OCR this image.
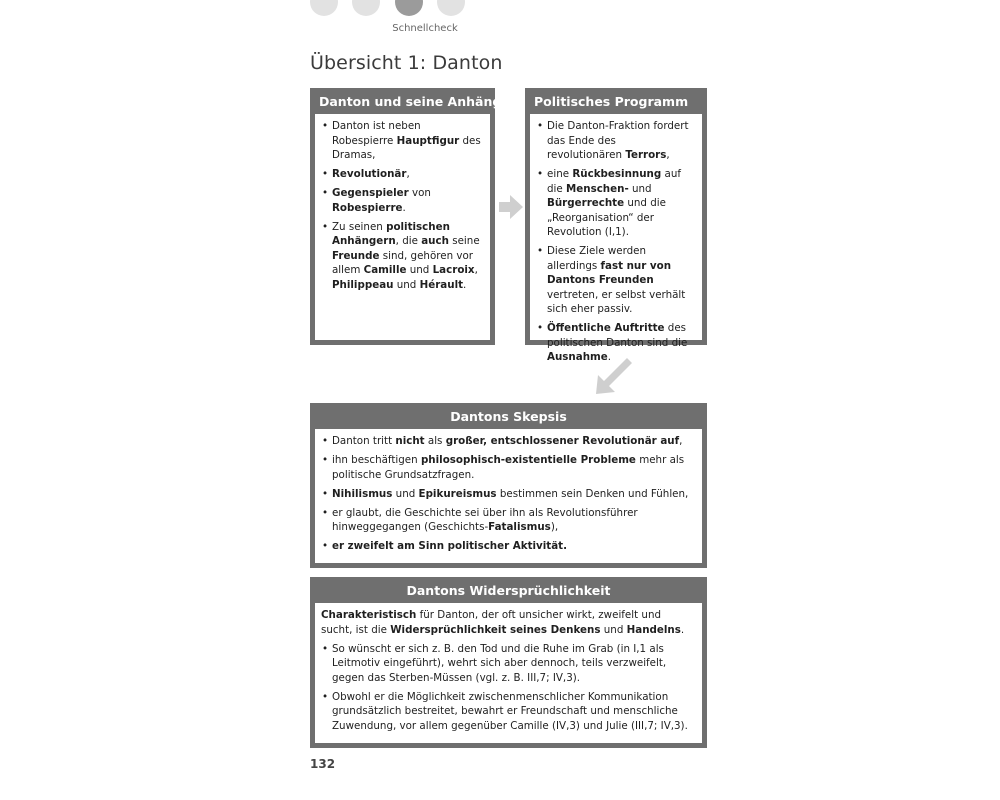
Schnellcheck
Übersicht 1: Danton
Danton und seine Anhänger
• Danton ist neben Robespierre Hauptfigur des Dramas,
• Revolutionär,
• Gegenspieler von Robespierre.
• Zu seinen politischen Anhängern, die auch seine Freunde sind, gehören vor allem Camille und Lacroix, Philippeau und Hérault.
Politisches Programm
• Die Danton-Fraktion fordert das Ende des revolutionären Terrors,
• eine Rückbesinnung auf die Menschen- und Bürgerrechte und die „Reorganisation“ der Revolution (I,1).
• Diese Ziele werden allerdings fast nur von Dantons Freunden vertreten, er selbst verhält sich eher passiv.
• Öffentliche Auftritte des politischen Danton sind die Ausnahme.
Dantons Skepsis
• Danton tritt nicht als großer, entschlossener Revolutionär auf,
• ihn beschäftigen philosophisch-existentielle Probleme mehr als politische Grundsatzfragen.
• Nihilismus und Epikureismus bestimmen sein Denken und Fühlen,
• er glaubt, die Geschichte sei über ihn als Revolutionsführer hinweggegangen (Geschichts-Fatalismus),
• er zweifelt am Sinn politischer Aktivität.
Dantons Widersprüchlichkeit

Charakteristisch für Danton, der oft unsicher wirkt, zweifelt und sucht, ist die Widersprüchlichkeit seines Denkens und Handelns.

• So wünscht er sich z. B. den Tod und die Ruhe im Grab (in I,1 als Leitmotiv eingeführt), wehrt sich aber dennoch, teils verzweifelt, gegen das Sterben-Müssen (vgl. z. B. III,7; IV,3).
• Obwohl er die Möglichkeit zwischenmenschlicher Kommunikation grundsätzlich bestreitet, bewahrt er Freundschaft und menschliche Zuwendung, vor allem gegenüber Camille (IV,3) und Julie (III,7; IV,3).
132
